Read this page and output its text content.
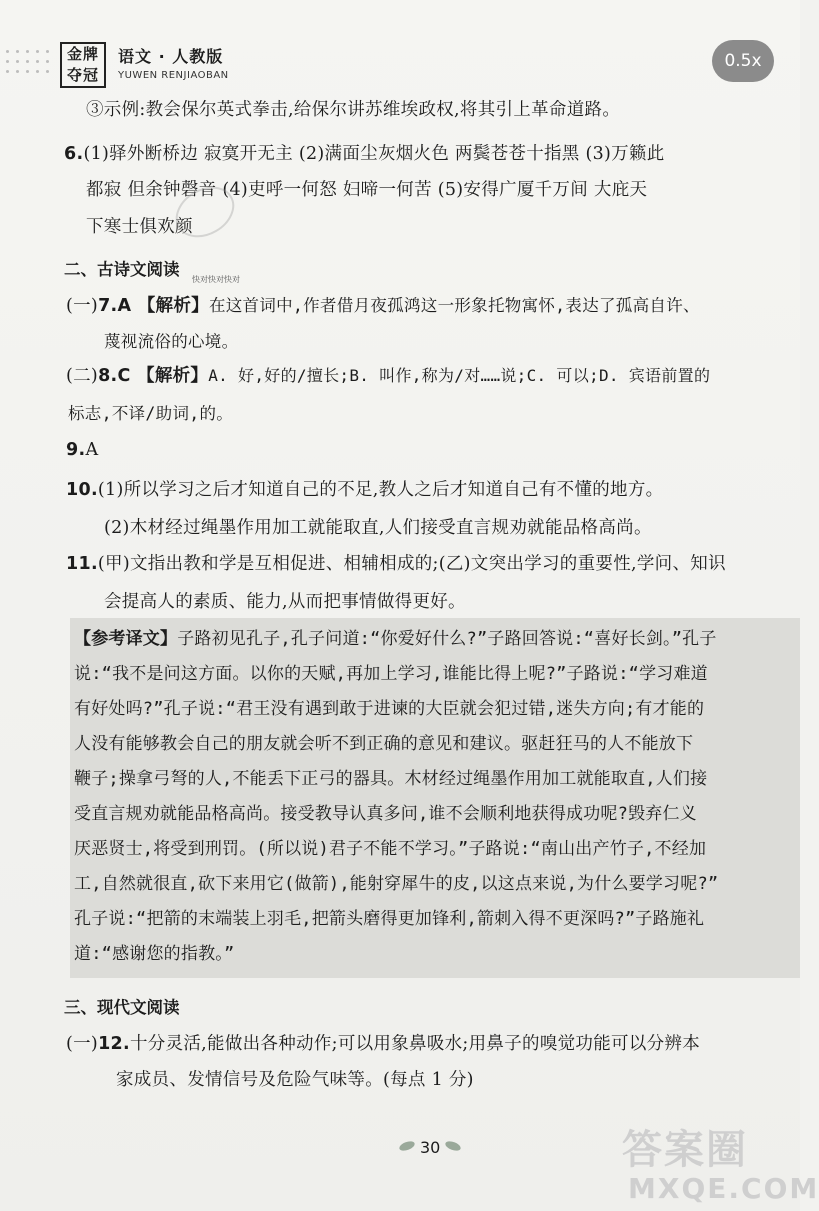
金牌
夺冠
语文 · 人教版
YUWEN RENJIAOBAN
0.5x
③示例:教会保尔英式拳击,给保尔讲苏维埃政权,将其引上革命道路。
6.(1)驿外断桥边 寂寞开无主 (2)满面尘灰烟火色 两鬓苍苍十指黑 (3)万籁此
都寂 但余钟磬音 (4)吏呼一何怒 妇啼一何苦 (5)安得广厦千万间 大庇天
下寒士俱欢颜
快对快对快对
二、古诗文阅读
(一)7.A 【解析】在这首词中,作者借月夜孤鸿这一形象托物寓怀,表达了孤高自许、
蔑视流俗的心境。
(二)8.C 【解析】A. 好,好的/擅长;B. 叫作,称为/对……说;C. 可以;D. 宾语前置的
标志,不译/助词,的。
9.A
10.(1)所以学习之后才知道自己的不足,教人之后才知道自己有不懂的地方。
(2)木材经过绳墨作用加工就能取直,人们接受直言规劝就能品格高尚。
11.(甲)文指出教和学是互相促进、相辅相成的;(乙)文突出学习的重要性,学问、知识
会提高人的素质、能力,从而把事情做得更好。
【参考译文】子路初见孔子,孔子问道:“你爱好什么?”子路回答说:“喜好长剑。”孔子
说:“我不是问这方面。以你的天赋,再加上学习,谁能比得上呢?”子路说:“学习难道
有好处吗?”孔子说:“君王没有遇到敢于进谏的大臣就会犯过错,迷失方向;有才能的
人没有能够教会自己的朋友就会听不到正确的意见和建议。驱赶狂马的人不能放下
鞭子;操拿弓弩的人,不能丢下正弓的器具。木材经过绳墨作用加工就能取直,人们接
受直言规劝就能品格高尚。接受教导认真多问,谁不会顺利地获得成功呢?毁弃仁义
厌恶贤士,将受到刑罚。(所以说)君子不能不学习。”子路说:“南山出产竹子,不经加
工,自然就很直,砍下来用它(做箭),能射穿犀牛的皮,以这点来说,为什么要学习呢?”
孔子说:“把箭的末端装上羽毛,把箭头磨得更加锋利,箭刺入得不更深吗?”子路施礼
道:“感谢您的指教。”
三、现代文阅读
(一)12.十分灵活,能做出各种动作;可以用象鼻吸水;用鼻子的嗅觉功能可以分辨本
家成员、发情信号及危险气味等。(每点 1 分)
30	答案圈
MXQE.COM
